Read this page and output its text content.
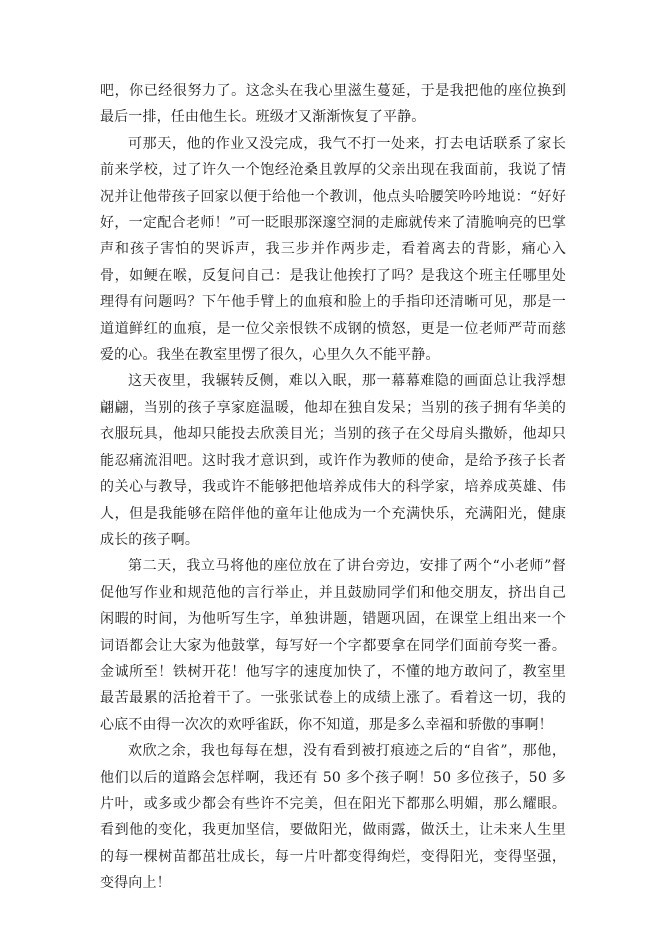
吧，你已经很努力了。这念头在我心里滋生蔓延，于是我把他的座位换到最后一排，任由他生长。班级才又渐渐恢复了平静。

可那天，他的作业又没完成，我气不打一处来，打去电话联系了家长前来学校，过了许久一个饱经沧桑且敦厚的父亲出现在我面前，我说了情况并让他带孩子回家以便于给他一个教训，他点头哈腰笑吟吟地说：“好好好，一定配合老师！”可一眨眼那深邃空洞的走廊就传来了清脆响亮的巴掌声和孩子害怕的哭诉声，我三步并作两步走，看着离去的背影，痛心入骨，如鲠在喉，反复问自己：是我让他挨打了吗？是我这个班主任哪里处理得有问题吗？下午他手臂上的血痕和脸上的手指印还清晰可见，那是一道道鲜红的血痕，是一位父亲恨铁不成钢的愤怒，更是一位老师严苛而慈爱的心。我坐在教室里愣了很久，心里久久不能平静。

这天夜里，我辗转反侧，难以入眠，那一幕幕难隐的画面总让我浮想翩翩，当别的孩子享家庭温暖，他却在独自发呆；当别的孩子拥有华美的衣服玩具，他却只能投去欣羡目光；当别的孩子在父母肩头撒娇，他却只能忍痛流泪吧。这时我才意识到，或许作为教师的使命，是给予孩子长者的关心与教导，我或许不能够把他培养成伟大的科学家，培养成英雄、伟人，但是我能够在陪伴他的童年让他成为一个充满快乐，充满阳光，健康成长的孩子啊。

第二天，我立马将他的座位放在了讲台旁边，安排了两个“小老师”督促他写作业和规范他的言行举止，并且鼓励同学们和他交朋友，挤出自己闲暇的时间，为他听写生字，单独讲题，错题巩固，在课堂上组出来一个词语都会让大家为他鼓掌，每写好一个字都要拿在同学们面前夸奖一番。金诚所至！铁树开花！他写字的速度加快了，不懂的地方敢问了，教室里最苦最累的活抢着干了。一张张试卷上的成绩上涨了。看着这一切，我的心底不由得一次次的欢呼雀跃，你不知道，那是多么幸福和骄傲的事啊！

欢欣之余，我也每每在想，没有看到被打痕迹之后的“自省”，那他，他们以后的道路会怎样啊，我还有 50 多个孩子啊！50 多位孩子，50 多片叶，或多或少都会有些许不完美，但在阳光下都那么明媚，那么耀眼。看到他的变化，我更加坚信，要做阳光，做雨露，做沃土，让未来人生里的每一棵树苗都茁壮成长，每一片叶都变得绚烂，变得阳光，变得坚强，变得向上！
